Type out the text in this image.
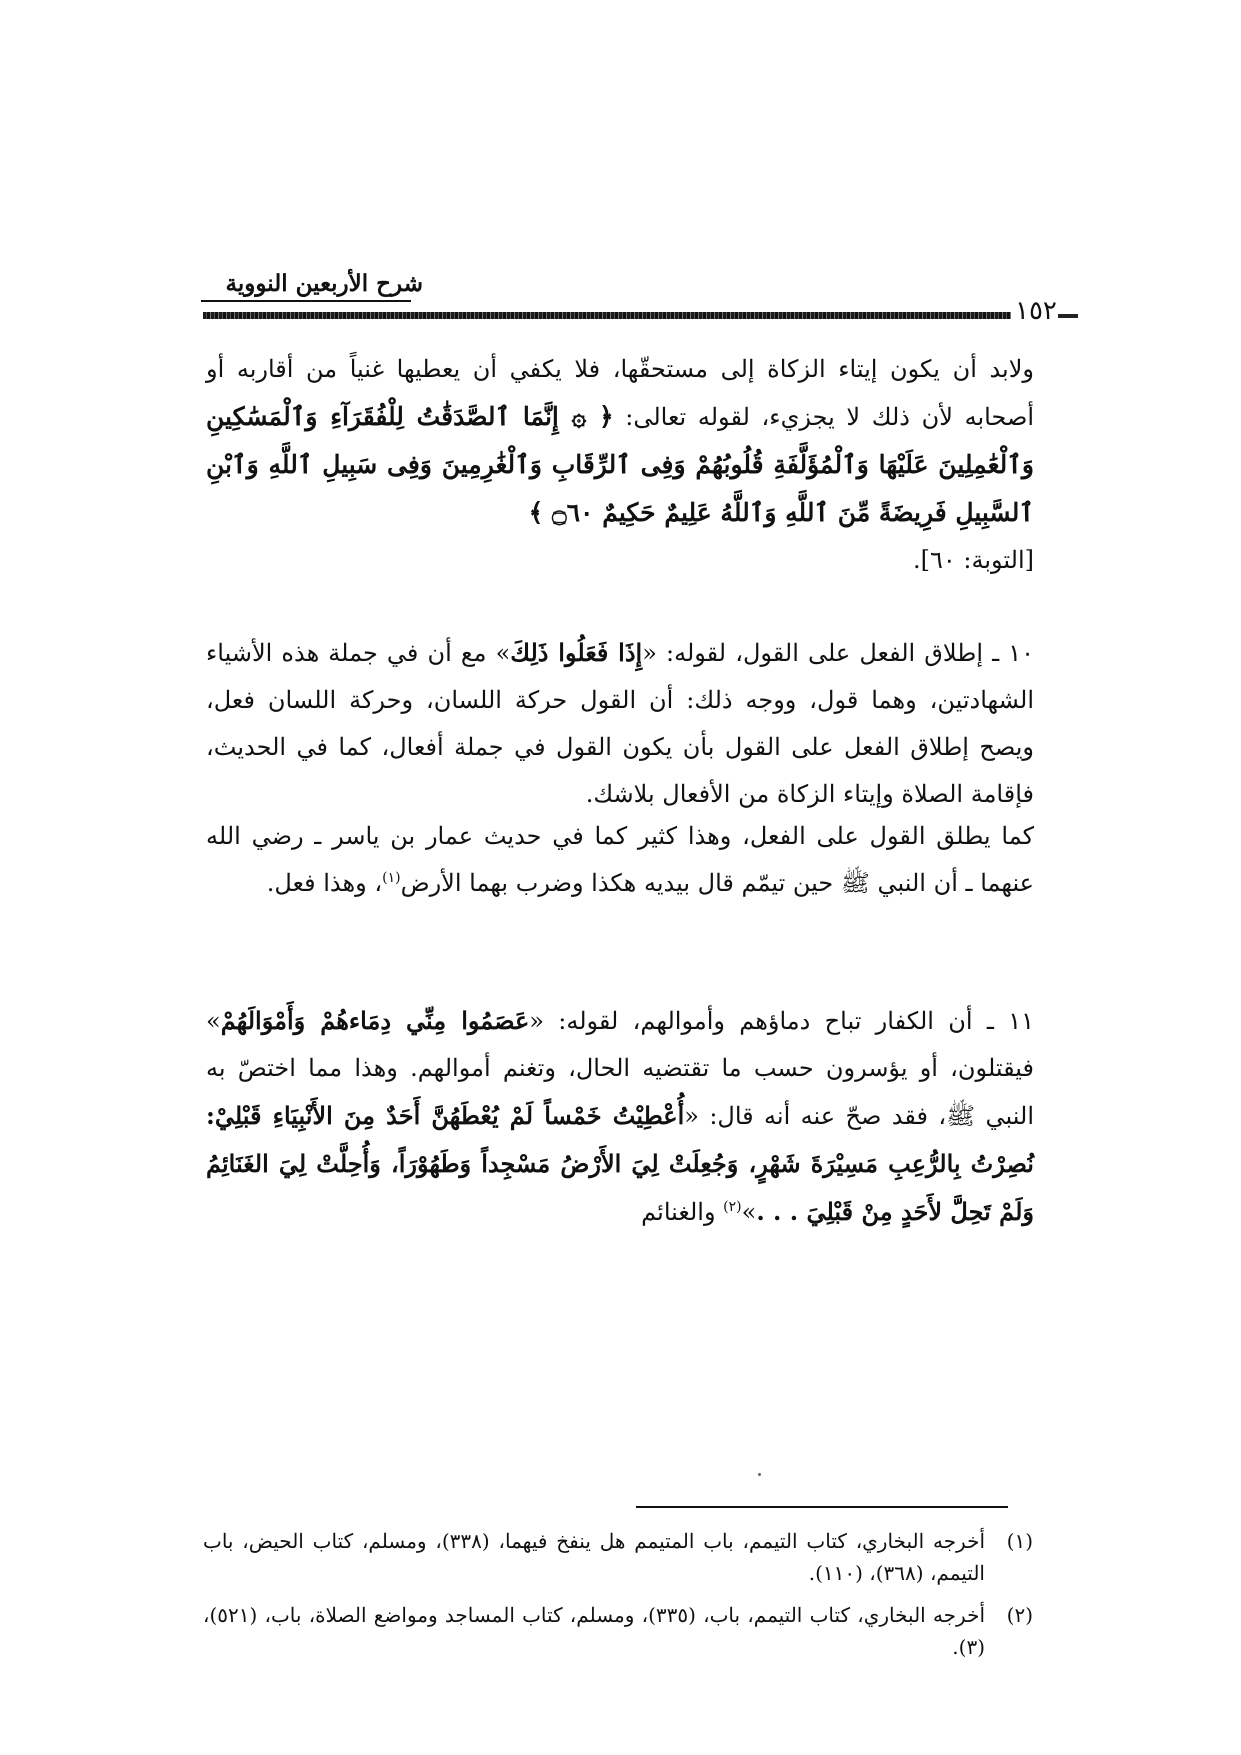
شرح الأربعين النووية
١٥٢

ولابد أن يكون إيتاء الزكاة إلى مستحقّها، فلا يكفي أن يعطيها غنياً من أقاربه أو أصحابه لأن ذلك لا يجزيء، لقوله تعالى: ﴿ ۞ إِنَّمَا ٱلصَّدَقَٰتُ لِلْفُقَرَآءِ وَٱلْمَسَٰكِينِ وَٱلْعَٰمِلِينَ عَلَيْهَا وَٱلْمُؤَلَّفَةِ قُلُوبُهُمْ وَفِى ٱلرِّقَابِ وَٱلْغَٰرِمِينَ وَفِى سَبِيلِ ٱللَّهِ وَٱبْنِ ٱلسَّبِيلِ فَرِيضَةً مِّنَ ٱللَّهِ وَٱللَّهُ عَلِيمٌ حَكِيمٌ ۝٦٠ ﴾

[التوبة: ٦٠].

١٠ ـ إطلاق الفعل على القول، لقوله: «إِذَا فَعَلُوا ذَلِكَ» مع أن في جملة هذه الأشياء الشهادتين، وهما قول، ووجه ذلك: أن القول حركة اللسان، وحركة اللسان فعل، ويصح إطلاق الفعل على القول بأن يكون القول في جملة أفعال، كما في الحديث، فإقامة الصلاة وإيتاء الزكاة من الأفعال بلاشك.

كما يطلق القول على الفعل، وهذا كثير كما في حديث عمار بن ياسر ـ رضي الله عنهما ـ أن النبي ﷺ حين تيمّم قال بيديه هكذا وضرب بهما الأرض$^{(١)}$، وهذا فعل.

١١ ـ أن الكفار تباح دماؤهم وأموالهم، لقوله: «عَصَمُوا مِنِّي دِمَاءهُمْ وَأَمْوَالَهُمْ» فيقتلون، أو يؤسرون حسب ما تقتضيه الحال، وتغنم أموالهم. وهذا مما اختصّ به النبي ﷺ، فقد صحّ عنه أنه قال: «أُعْطِيْتُ خَمْساً لَمْ يُعْطَهُنَّ أَحَدٌ مِنَ الأَنْبِيَاءِ قَبْلِيْ: نُصِرْتُ بِالرُّعِبِ مَسِيْرَةَ شَهْرٍ، وَجُعِلَتْ لِيَ الأَرْضُ مَسْجِداً وَطَهُوْرَاً، وَأُحِلَّتْ لِيَ الغَنَائِمُ وَلَمْ تَحِلَّ لأَحَدٍ مِنْ قَبْلِيَ . . .»$^{(٢)}$ والغنائم

(١)
أخرجه البخاري، كتاب التيمم، باب المتيمم هل ينفخ فيهما، (٣٣٨)، ومسلم، كتاب الحيض، باب التيمم، (٣٦٨)، (١١٠).
(٢)
أخرجه البخاري، كتاب التيمم، باب، (٣٣٥)، ومسلم، كتاب المساجد ومواضع الصلاة، باب، (٥٢١)، (٣).
